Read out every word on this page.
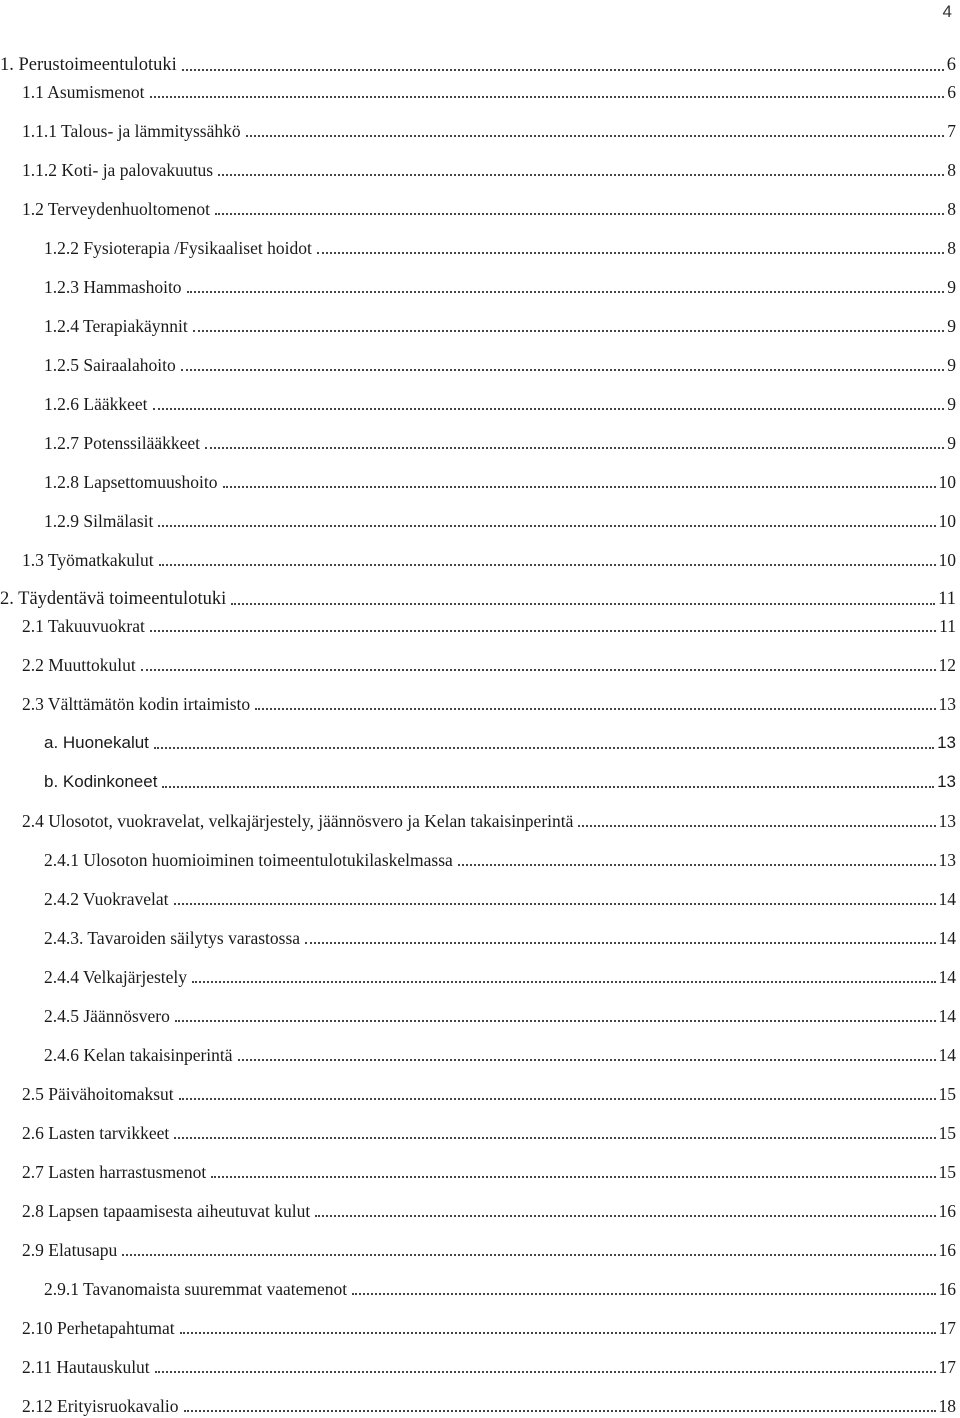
4
1. Perustoimeentulotuki	6
1.1 Asumismenot	6
1.1.1 Talous- ja lämmityssähkö	7
1.1.2 Koti- ja palovakuutus	8
1.2 Terveydenhuoltomenot	8
1.2.2 Fysioterapia /Fysikaaliset hoidot	8
1.2.3 Hammashoito	9
1.2.4 Terapiakäynnit	9
1.2.5 Sairaalahoito	9
1.2.6 Lääkkeet	9
1.2.7 Potenssilääkkeet	9
1.2.8 Lapsettomuushoito	10
1.2.9 Silmälasit	10
1.3 Työmatkakulut	10
2. Täydentävä toimeentulotuki	11
2.1 Takuuvuokrat	11
2.2 Muuttokulut	12
2.3 Välttämätön kodin irtaimisto	13
a. Huonekalut	13
b. Kodinkoneet	13
2.4 Ulosotot, vuokravelat, velkajärjestely, jäännösvero ja Kelan takaisinperintä	13
2.4.1 Ulosoton huomioiminen toimeentulotukilaskelmassa	13
2.4.2 Vuokravelat	14
2.4.3. Tavaroiden säilytys varastossa	14
2.4.4 Velkajärjestely	14
2.4.5 Jäännösvero	14
2.4.6 Kelan takaisinperintä	14
2.5 Päivähoitomaksut	15
2.6 Lasten tarvikkeet	15
2.7 Lasten harrastusmenot	15
2.8 Lapsen tapaamisesta aiheutuvat kulut	16
2.9 Elatusapu	16
2.9.1 Tavanomaista suuremmat vaatemenot	16
2.10 Perhetapahtumat	17
2.11 Hautauskulut	17
2.12 Erityisruokavalio	18
